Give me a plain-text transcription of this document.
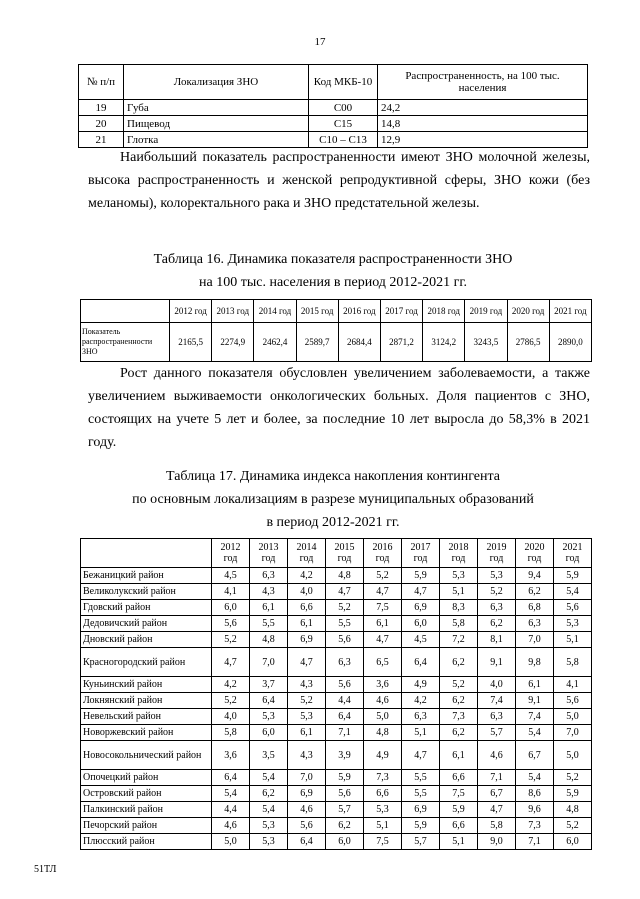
17
№ п/п	Локализация ЗНО	Код МКБ-10	Распространенность, на 100 тыс. населения
19	Губа	С00	24,2
20	Пищевод	С15	14,8
21	Глотка	С10 – С13	12,9
Наибольший показатель распространенности имеют ЗНО молочной железы, высока распространенность и женской репродуктивной сферы, ЗНО кожи (без меланомы), колоректального рака и ЗНО предстательной железы.
Таблица 16. Динамика показателя распространенности ЗНО
на 100 тыс. населения в период 2012-2021 гг.
	2012 год	2013 год	2014 год	2015 год	2016 год	2017 год	2018 год	2019 год	2020 год	2021 год
Показатель распространенности ЗНО	2165,5	2274,9	2462,4	2589,7	2684,4	2871,2	3124,2	3243,5	2786,5	2890,0
Рост данного показателя обусловлен увеличением заболеваемости, а также увеличением выживаемости онкологических больных. Доля пациентов с ЗНО, состоящих на учете 5 лет и более, за последние 10 лет выросла до 58,3% в 2021 году.
Таблица 17. Динамика индекса накопления контингента
по основным локализациям в разрезе муниципальных образований
в период 2012-2021 гг.
	2012 год	2013 год	2014 год	2015 год	2016 год	2017 год	2018 год	2019 год	2020 год	2021 год
Бежаницкий район	4,5	6,3	4,2	4,8	5,2	5,9	5,3	5,3	9,4	5,9
Великолукский район	4,1	4,3	4,0	4,7	4,7	4,7	5,1	5,2	6,2	5,4
Гдовский район	6,0	6,1	6,6	5,2	7,5	6,9	8,3	6,3	6,8	5,6
Дедовичский район	5,6	5,5	6,1	5,5	6,1	6,0	5,8	6,2	6,3	5,3
Дновский район	5,2	4,8	6,9	5,6	4,7	4,5	7,2	8,1	7,0	5,1
Красногородский район	4,7	7,0	4,7	6,3	6,5	6,4	6,2	9,1	9,8	5,8
Куньинский район	4,2	3,7	4,3	5,6	3,6	4,9	5,2	4,0	6,1	4,1
Локнянский район	5,2	6,4	5,2	4,4	4,6	4,2	6,2	7,4	9,1	5,6
Невельский район	4,0	5,3	5,3	6,4	5,0	6,3	7,3	6,3	7,4	5,0
Новоржевский район	5,8	6,0	6,1	7,1	4,8	5,1	6,2	5,7	5,4	7,0
Новосокольнический район	3,6	3,5	4,3	3,9	4,9	4,7	6,1	4,6	6,7	5,0
Опочецкий район	6,4	5,4	7,0	5,9	7,3	5,5	6,6	7,1	5,4	5,2
Островский район	5,4	6,2	6,9	5,6	6,6	5,5	7,5	6,7	8,6	5,9
Палкинский район	4,4	5,4	4,6	5,7	5,3	6,9	5,9	4,7	9,6	4,8
Печорский район	4,6	5,3	5,6	6,2	5,1	5,9	6,6	5,8	7,3	5,2
Плюсский район	5,0	5,3	6,4	6,0	7,5	5,7	5,1	9,0	7,1	6,0
51ТЛ
